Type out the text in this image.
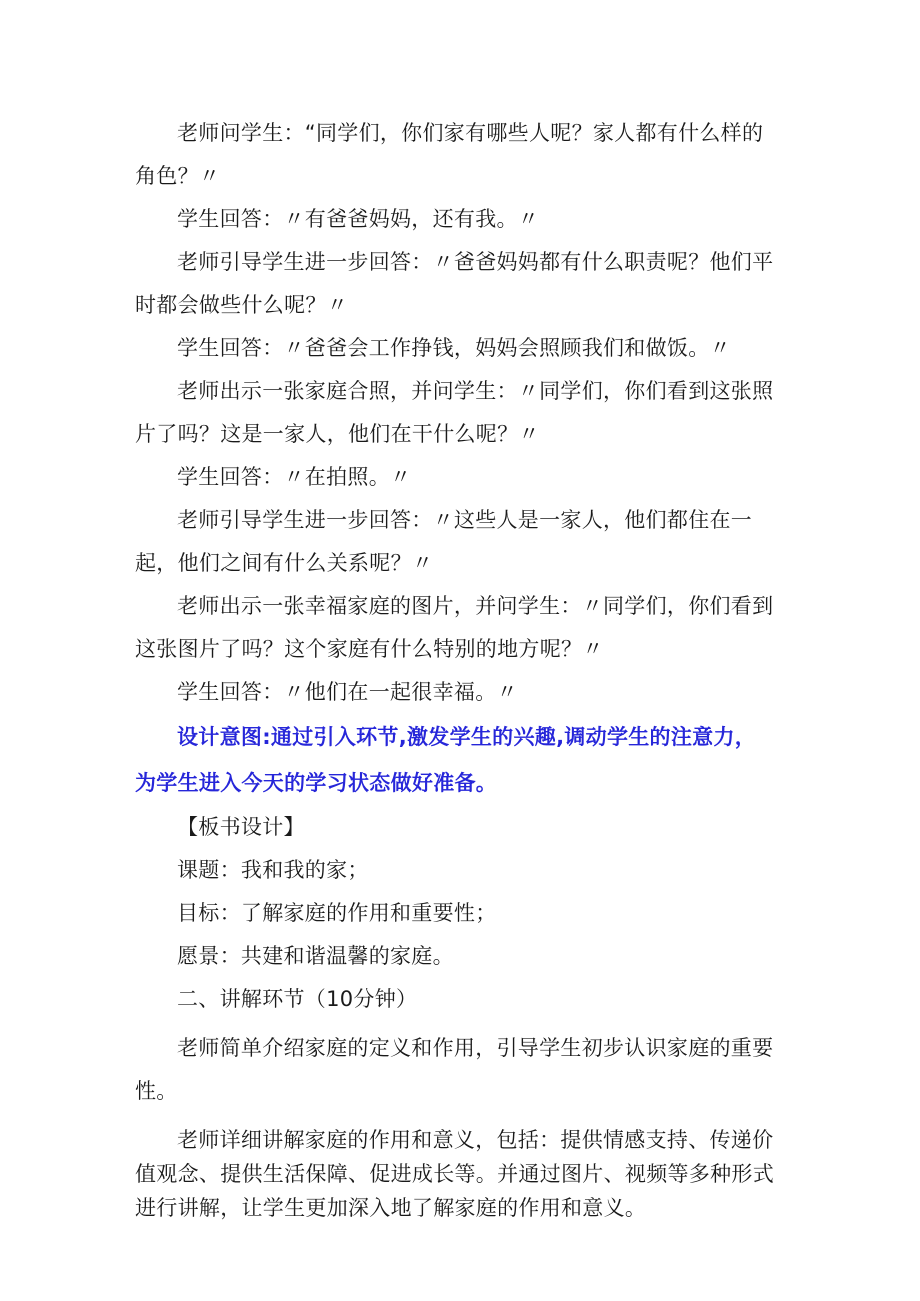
老师问学生：“同学们，你们家有哪些人呢？家人都有什么样的角色？〃

学生回答：〃有爸爸妈妈，还有我。〃

老师引导学生进一步回答：〃爸爸妈妈都有什么职责呢？他们平时都会做些什么呢？〃

学生回答：〃爸爸会工作挣钱，妈妈会照顾我们和做饭。〃

老师出示一张家庭合照，并问学生：〃同学们，你们看到这张照片了吗？这是一家人，他们在干什么呢？〃

学生回答：〃在拍照。〃

老师引导学生进一步回答：〃这些人是一家人，他们都住在一起，他们之间有什么关系呢？〃

老师出示一张幸福家庭的图片，并问学生：〃同学们，你们看到这张图片了吗？这个家庭有什么特别的地方呢？〃

学生回答：〃他们在一起很幸福。〃

设计意图:通过引入环节,激发学生的兴趣,调动学生的注意力，为学生进入今天的学习状态做好准备。

【板书设计】

课题：我和我的家；

目标：了解家庭的作用和重要性；

愿景：共建和谐温馨的家庭。

二、讲解环节（10分钟）

老师简单介绍家庭的定义和作用，引导学生初步认识家庭的重要性。

老师详细讲解家庭的作用和意义，包括：提供情感支持、传递价值观念、提供生活保障、促进成长等。并通过图片、视频等多种形式进行讲解，让学生更加深入地了解家庭的作用和意义。
